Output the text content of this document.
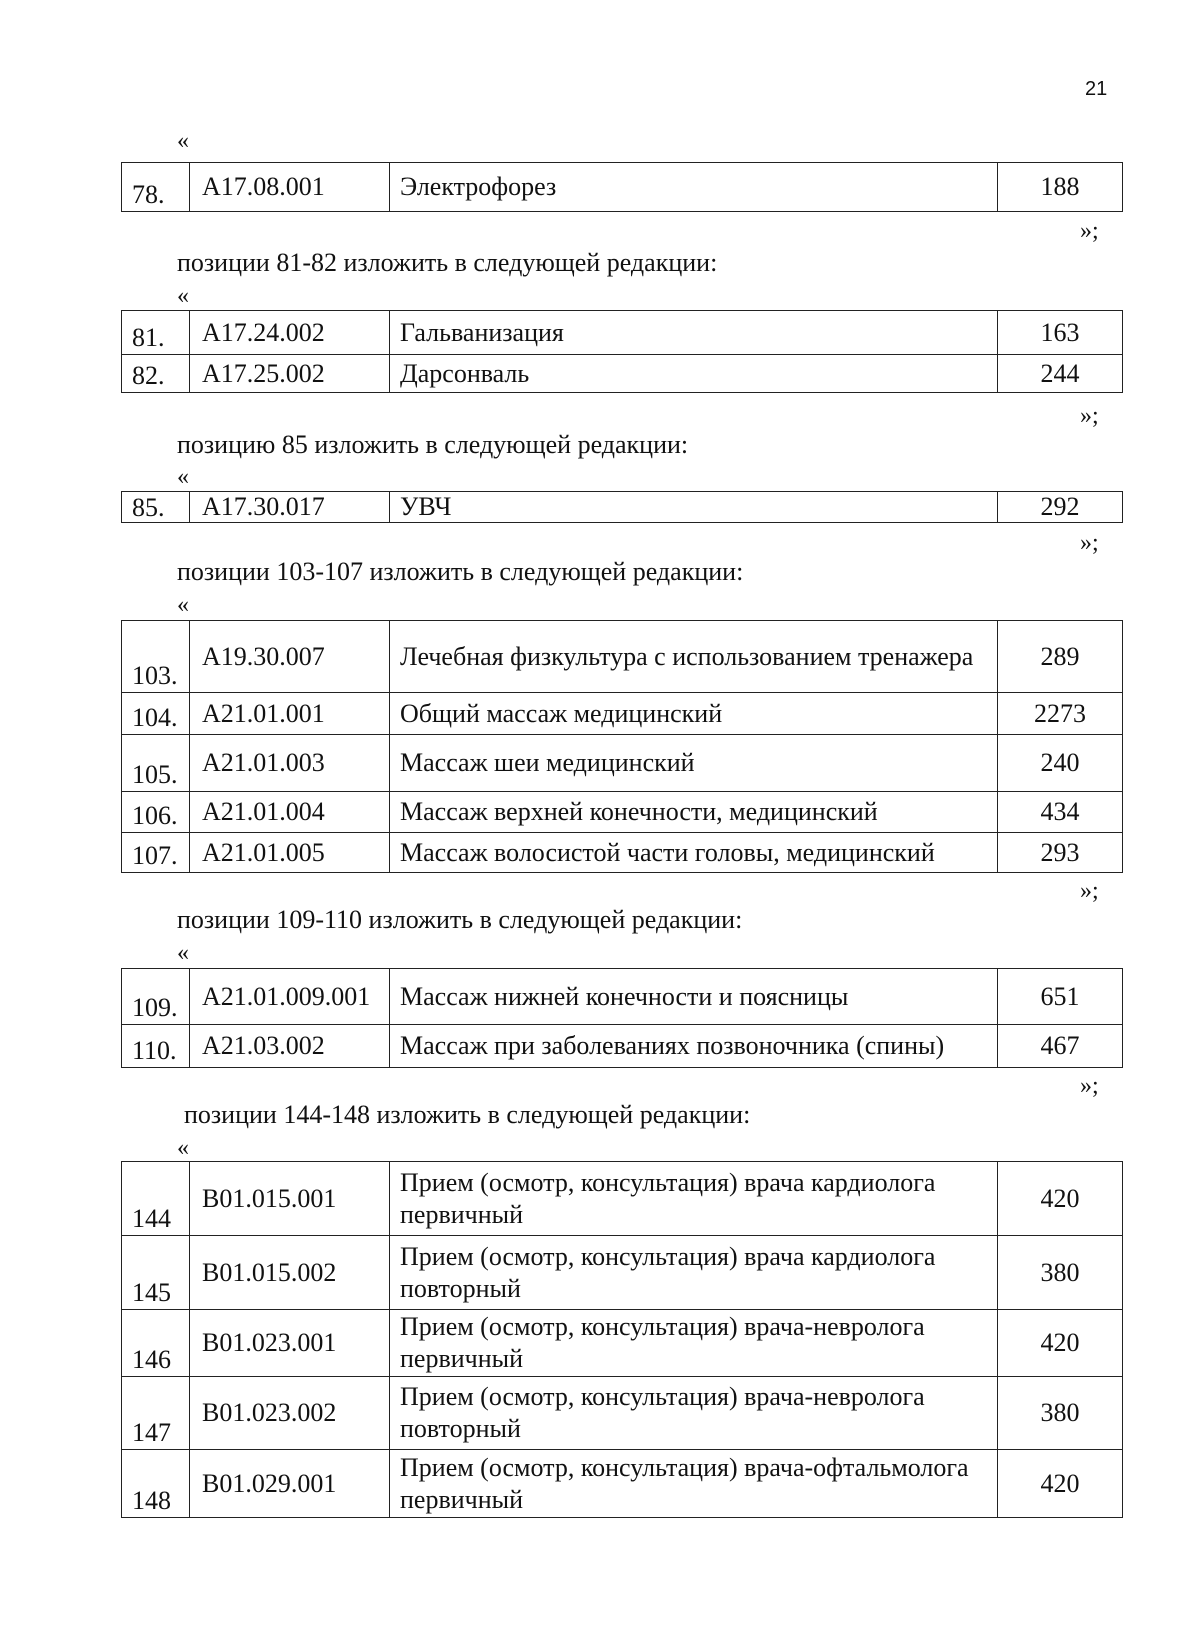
21
«
78.	A17.08.001	Электрофорез	188
»;
позиции 81-82 изложить в следующей редакции:
«
81.	A17.24.002	Гальванизация	163
82.	A17.25.002	Дарсонваль	244
»;
позицию 85 изложить в следующей редакции:
«
85.	A17.30.017	УВЧ	292
»;
позиции 103-107 изложить в следующей редакции:
«
103.	A19.30.007	Лечебная физкультура с использованием тренажера	289
104.	A21.01.001	Общий массаж медицинский	2273
105.	A21.01.003	Массаж шеи медицинский	240
106.	A21.01.004	Массаж верхней конечности, медицинский	434
107.	A21.01.005	Массаж волосистой части головы, медицинский	293
»;
позиции 109-110 изложить в следующей редакции:
«
109.	A21.01.009.001	Массаж нижней конечности и поясницы	651
110.	A21.03.002	Массаж при заболеваниях позвоночника (спины)	467
»;
позиции 144-148 изложить в следующей редакции:
«
144	B01.015.001	Прием (осмотр, консультация) врача кардиолога первичный	420
145	B01.015.002	Прием (осмотр, консультация) врача кардиолога повторный	380
146	B01.023.001	Прием (осмотр, консультация) врача-невролога первичный	420
147	B01.023.002	Прием (осмотр, консультация) врача-невролога повторный	380
148	B01.029.001	Прием (осмотр, консультация) врача-офтальмолога первичный	420
